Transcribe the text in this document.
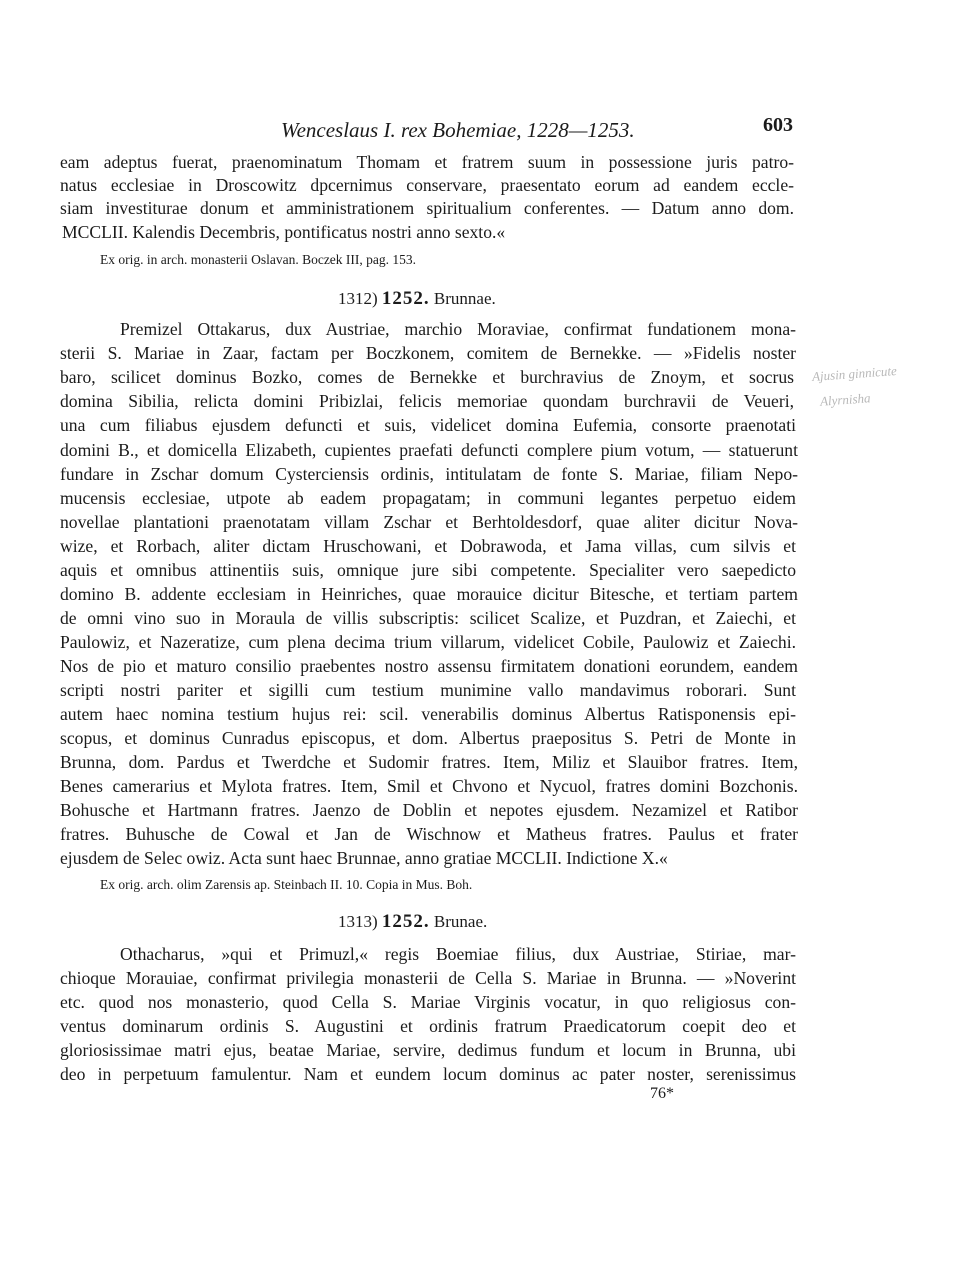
Wenceslaus I. rex Bohemiae, 1228—1253.	603
eam adeptus fuerat, praenominatum Thomam et fratrem suum in possessione juris patro-
natus ecclesiae in Droscowitz dpcernimus conservare, praesentato eorum ad eandem eccle-
siam investiturae donum et amministrationem spiritualium conferentes. — Datum anno dom.
MCCLII. Kalendis Decembris, pontificatus nostri anno sexto.«
Ex orig. in arch. monasterii Oslavan. Boczek III, pag. 153.
1312) 1252. Brunnae.
Premizel Ottakarus, dux Austriae, marchio Moraviae, confirmat fundationem mona-
sterii S. Mariae in Zaar, factam per Boczkonem, comitem de Bernekke. — »Fidelis noster
baro, scilicet dominus Bozko, comes de Bernekke et burchravius de Znoym, et socrus
domina Sibilia, relicta domini Pribizlai, felicis memoriae quondam burchravii de Veueri,
una cum filiabus ejusdem defuncti et suis, videlicet domina Eufemia, consorte praenotati
domini B., et domicella Elizabeth, cupientes praefati defuncti complere pium votum, — statuerunt
fundare in Zschar domum Cysterciensis ordinis, intitulatam de fonte S. Mariae, filiam Nepo-
mucensis ecclesiae, utpote ab eadem propagatam; in communi legantes perpetuo eidem
novellae plantationi praenotatam villam Zschar et Berhtoldesdorf, quae aliter dicitur Nova-
wize, et Rorbach, aliter dictam Hruschowani, et Dobrawoda, et Jama villas, cum silvis et
aquis et omnibus attinentiis suis, omnique jure sibi competente. Specialiter vero saepedicto
domino B. addente ecclesiam in Heinriches, quae morauice dicitur Bitesche, et tertiam partem
de omni vino suo in Moraula de villis subscriptis: scilicet Scalize, et Puzdran, et Zaiechi, et
Paulowiz, et Nazeratize, cum plena decima trium villarum, videlicet Cobile, Paulowiz et Zaiechi.
Nos de pio et maturo consilio praebentes nostro assensu firmitatem donationi eorundem, eandem
scripti nostri pariter et sigilli cum testium munimine vallo mandavimus roborari. Sunt
autem haec nomina testium hujus rei: scil. venerabilis dominus Albertus Ratisponensis epi-
scopus, et dominus Cunradus episcopus, et dom. Albertus praepositus S. Petri de Monte in
Brunna, dom. Pardus et Twerdche et Sudomir fratres. Item, Miliz et Slauibor fratres. Item,
Benes camerarius et Mylota fratres. Item, Smil et Chvono et Nycuol, fratres domini Bozchonis.
Bohusche et Hartmann fratres. Jaenzo de Doblin et nepotes ejusdem. Nezamizel et Ratibor
fratres. Buhusche de Cowal et Jan de Wischnow et Matheus fratres. Paulus et frater
ejusdem de Selec owiz. Acta sunt haec Brunnae, anno gratiae MCCLII. Indictione X.«
Ex orig. arch. olim Zarensis ap. Steinbach II. 10. Copia in Mus. Boh.
1313) 1252. Brunae.
Othacharus, »qui et Primuzl,« regis Boemiae filius, dux Austriae, Stiriae, mar-
chioque Morauiae, confirmat privilegia monasterii de Cella S. Mariae in Brunna. — »Noverint
etc. quod nos monasterio, quod Cella S. Mariae Virginis vocatur, in quo religiosus con-
ventus dominarum ordinis S. Augustini et ordinis fratrum Praedicatorum coepit deo et
gloriosissimae matri ejus, beatae Mariae, servire, dedimus fundum et locum in Brunna, ubi
deo in perpetuum famulentur. Nam et eundem locum dominus ac pater noster, serenissimus
76*
Ajusin ginnicute
Alyrnisha
